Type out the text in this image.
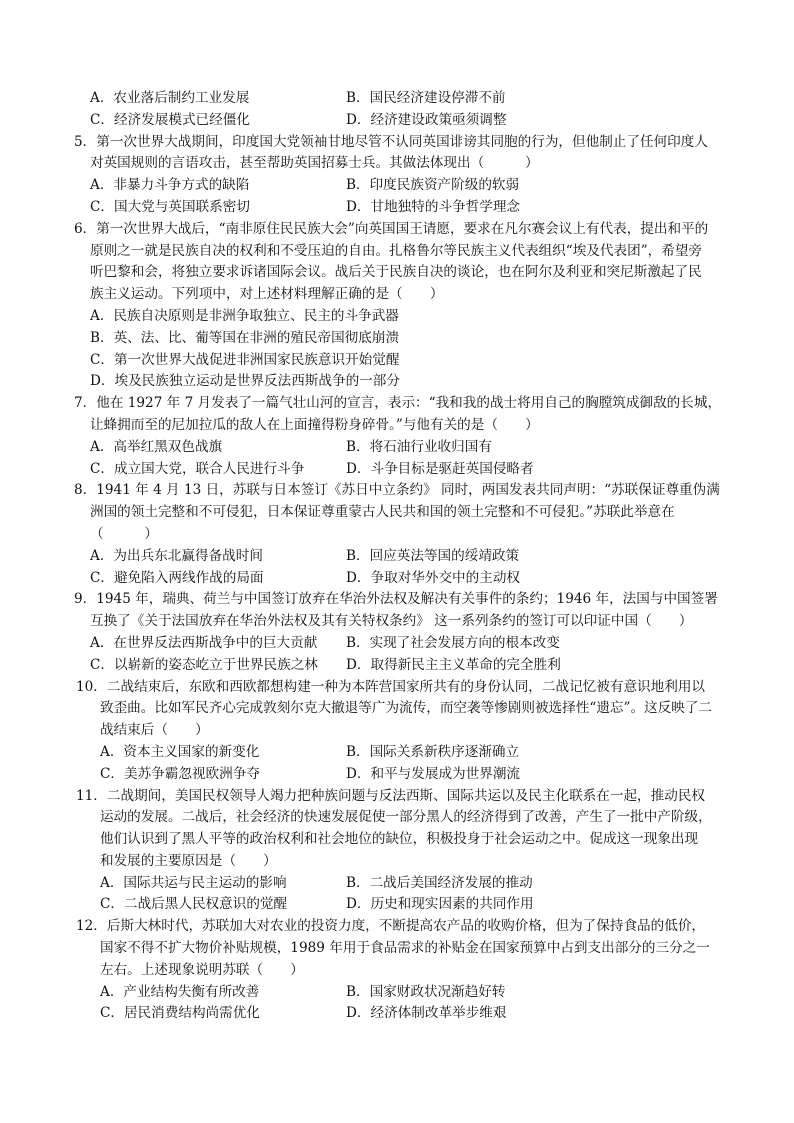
A．农业落后制约工业发展	B．国民经济建设停滞不前
C．经济发展模式已经僵化	D．经济建设政策亟须调整
5．第一次世界大战期间，印度国大党领袖甘地尽管不认同英国诽谤其同胞的行为，但他制止了任何印度人
对英国规则的言语攻击，甚至帮助英国招募士兵。其做法体现出（　　　）
A．非暴力斗争方式的缺陷	B．印度民族资产阶级的软弱
C．国大党与英国联系密切	D．甘地独特的斗争哲学理念
6．第一次世界大战后，“南非原住民民族大会”向英国国王请愿，要求在凡尔赛会议上有代表，提出和平的
原则之一就是民族自决的权利和不受压迫的自由。扎格鲁尔等民族主义代表组织“埃及代表团”，希望旁
听巴黎和会，将独立要求诉诸国际会议。战后关于民族自决的谈论，也在阿尔及利亚和突尼斯激起了民
族主义运动。下列项中，对上述材料理解正确的是（　　）
A．民族自决原则是非洲争取独立、民主的斗争武器
B．英、法、比、葡等国在非洲的殖民帝国彻底崩溃
C．第一次世界大战促进非洲国家民族意识开始觉醒
D．埃及民族独立运动是世界反法西斯战争的一部分
7．他在 1927 年 7 月发表了一篇气壮山河的宣言，表示：“我和我的战士将用自己的胸膛筑成御敌的长城，
让蜂拥而至的尼加拉瓜的敌人在上面撞得粉身碎骨。”与他有关的是（　　）
A．高举红黑双色战旗	B．将石油行业收归国有
C．成立国大党，联合人民进行斗争	D．斗争目标是驱赶英国侵略者
8．1941 年 4 月 13 日，苏联与日本签订《苏日中立条约》 同时，两国发表共同声明：“苏联保证尊重伪满
洲国的领土完整和不可侵犯，日本保证尊重蒙古人民共和国的领土完整和不可侵犯。”苏联此举意在
（　　　）
A．为出兵东北赢得备战时间	B．回应英法等国的绥靖政策
C．避免陷入两线作战的局面	D．争取对华外交中的主动权
9．1945 年，瑞典、荷兰与中国签订放弃在华治外法权及解决有关事件的条约；1946 年，法国与中国签署
互换了《关于法国放弃在华治外法权及其有关特权条约》 这一系列条约的签订可以印证中国（　　）
A．在世界反法西斯战争中的巨大贡献 B．实现了社会发展方向的根本改变
C．以崭新的姿态屹立于世界民族之林 D．取得新民主主义革命的完全胜利
10．二战结束后，东欧和西欧都想构建一种为本阵营国家所共有的身份认同，二战记忆被有意识地利用以
致歪曲。比如军民齐心完成敦刻尔克大撤退等广为流传，而空袭等惨剧则被选择性“遗忘”。这反映了二
战结束后（　　）
A．资本主义国家的新变化	B．国际关系新秩序逐渐确立
C．美苏争霸忽视欧洲争夺	D．和平与发展成为世界潮流
11．二战期间，美国民权领导人竭力把种族问题与反法西斯、国际共运以及民主化联系在一起，推动民权
运动的发展。二战后，社会经济的快速发展促使一部分黑人的经济得到了改善，产生了一批中产阶级，
他们认识到了黑人平等的政治权利和社会地位的缺位，积极投身于社会运动之中。促成这一现象出现
和发展的主要原因是（　　）
A．国际共运与民主运动的影响	B．二战后美国经济发展的推动
C．二战后黑人民权意识的觉醒	D．历史和现实因素的共同作用
12．后斯大林时代，苏联加大对农业的投资力度，不断提高农产品的收购价格，但为了保持食品的低价，
国家不得不扩大物价补贴规模，1989 年用于食品需求的补贴金在国家预算中占到支出部分的三分之一
左右。上述现象说明苏联（　　）
A．产业结构失衡有所改善	B．国家财政状况渐趋好转
C．居民消费结构尚需优化	D．经济体制改革举步维艰
